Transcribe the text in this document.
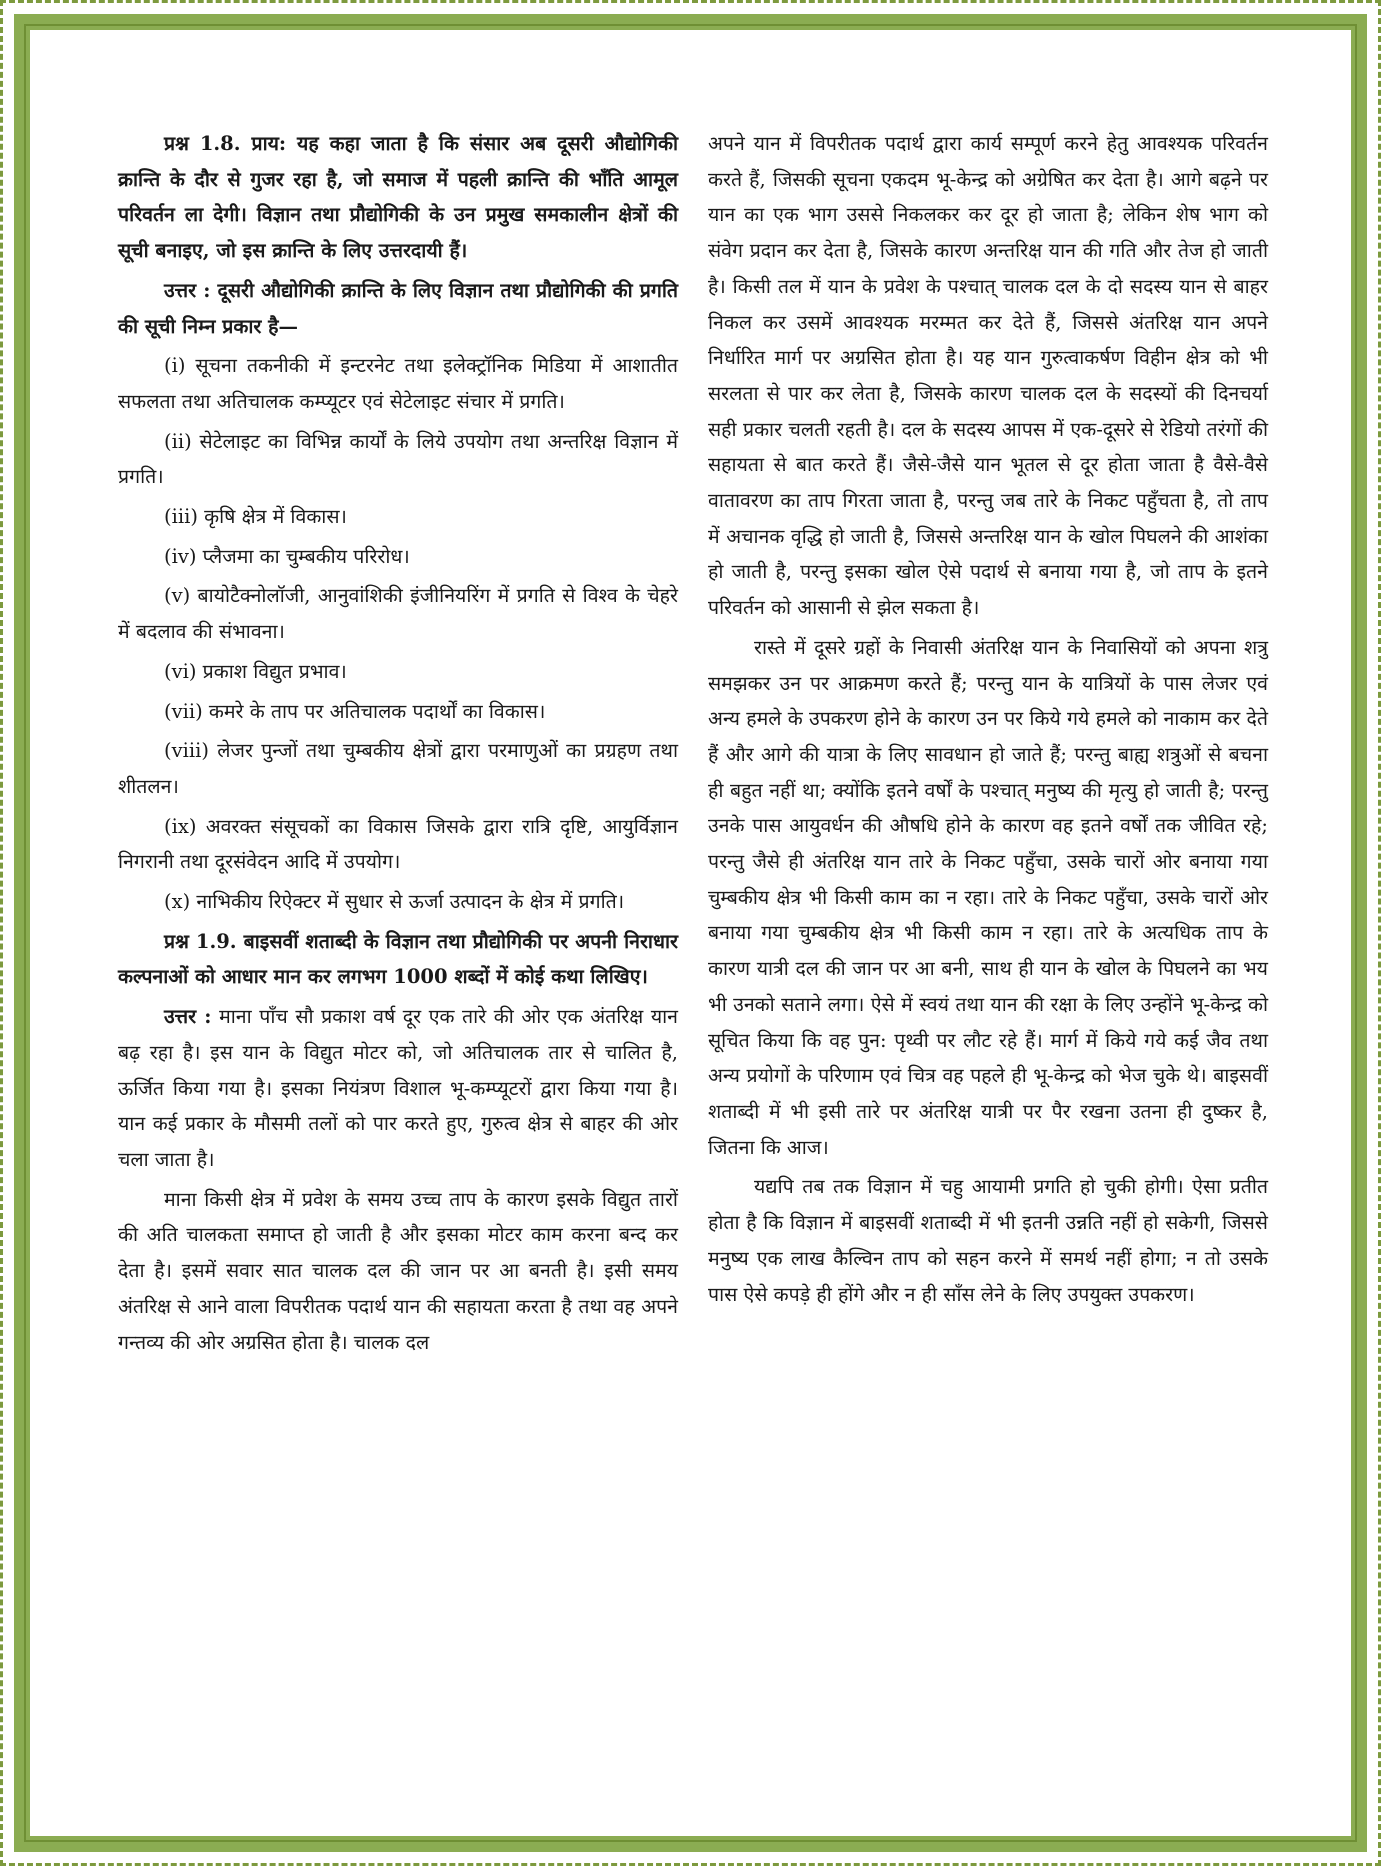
प्रश्न 1.8. प्राय: यह कहा जाता है कि संसार अब दूसरी औद्योगिकी क्रान्ति के दौर से गुजर रहा है, जो समाज में पहली क्रान्ति की भाँति आमूल परिवर्तन ला देगी। विज्ञान तथा प्रौद्योगिकी के उन प्रमुख समकालीन क्षेत्रों की सूची बनाइए, जो इस क्रान्ति के लिए उत्तरदायी हैं।

उत्तर : दूसरी औद्योगिकी क्रान्ति के लिए विज्ञान तथा प्रौद्योगिकी की प्रगति की सूची निम्न प्रकार है—

(i) सूचना तकनीकी में इन्टरनेट तथा इलेक्ट्रॉनिक मिडिया में आशातीत सफलता तथा अतिचालक कम्प्यूटर एवं सेटेलाइट संचार में प्रगति।

(ii) सेटेलाइट का विभिन्न कार्यों के लिये उपयोग तथा अन्तरिक्ष विज्ञान में प्रगति।

(iii) कृषि क्षेत्र में विकास।

(iv) प्लैजमा का चुम्बकीय परिरोध।

(v) बायोटैक्नोलॉजी, आनुवांशिकी इंजीनियरिंग में प्रगति से विश्व के चेहरे में बदलाव की संभावना।

(vi) प्रकाश विद्युत प्रभाव।

(vii) कमरे के ताप पर अतिचालक पदार्थों का विकास।

(viii) लेजर पुन्जों तथा चुम्बकीय क्षेत्रों द्वारा परमाणुओं का प्रग्रहण तथा शीतलन।

(ix) अवरक्त संसूचकों का विकास जिसके द्वारा रात्रि दृष्टि, आयुर्विज्ञान निगरानी तथा दूरसंवेदन आदि में उपयोग।

(x) नाभिकीय रिऐक्टर में सुधार से ऊर्जा उत्पादन के क्षेत्र में प्रगति।

प्रश्न 1.9. बाइसवीं शताब्दी के विज्ञान तथा प्रौद्योगिकी पर अपनी निराधार कल्पनाओं को आधार मान कर लगभग 1000 शब्दों में कोई कथा लिखिए।

उत्तर : माना पाँच सौ प्रकाश वर्ष दूर एक तारे की ओर एक अंतरिक्ष यान बढ़ रहा है। इस यान के विद्युत मोटर को, जो अतिचालक तार से चालित है, ऊर्जित किया गया है। इसका नियंत्रण विशाल भू-कम्प्यूटरों द्वारा किया गया है। यान कई प्रकार के मौसमी तलों को पार करते हुए, गुरुत्व क्षेत्र से बाहर की ओर चला जाता है।

माना किसी क्षेत्र में प्रवेश के समय उच्च ताप के कारण इसके विद्युत तारों की अति चालकता समाप्त हो जाती है और इसका मोटर काम करना बन्द कर देता है। इसमें सवार सात चालक दल की जान पर आ बनती है। इसी समय अंतरिक्ष से आने वाला विपरीतक पदार्थ यान की सहायता करता है तथा वह अपने गन्तव्य की ओर अग्रसित होता है। चालक दल

अपने यान में विपरीतक पदार्थ द्वारा कार्य सम्पूर्ण करने हेतु आवश्यक परिवर्तन करते हैं, जिसकी सूचना एकदम भू-केन्द्र को अग्रेषित कर देता है। आगे बढ़ने पर यान का एक भाग उससे निकलकर कर दूर हो जाता है; लेकिन शेष भाग को संवेग प्रदान कर देता है, जिसके कारण अन्तरिक्ष यान की गति और तेज हो जाती है। किसी तल में यान के प्रवेश के पश्चात् चालक दल के दो सदस्य यान से बाहर निकल कर उसमें आवश्यक मरम्मत कर देते हैं, जिससे अंतरिक्ष यान अपने निर्धारित मार्ग पर अग्रसित होता है। यह यान गुरुत्वाकर्षण विहीन क्षेत्र को भी सरलता से पार कर लेता है, जिसके कारण चालक दल के सदस्यों की दिनचर्या सही प्रकार चलती रहती है। दल के सदस्य आपस में एक-दूसरे से रेडियो तरंगों की सहायता से बात करते हैं। जैसे-जैसे यान भूतल से दूर होता जाता है वैसे-वैसे वातावरण का ताप गिरता जाता है, परन्तु जब तारे के निकट पहुँचता है, तो ताप में अचानक वृद्धि हो जाती है, जिससे अन्तरिक्ष यान के खोल पिघलने की आशंका हो जाती है, परन्तु इसका खोल ऐसे पदार्थ से बनाया गया है, जो ताप के इतने परिवर्तन को आसानी से झेल सकता है।

रास्ते में दूसरे ग्रहों के निवासी अंतरिक्ष यान के निवासियों को अपना शत्रु समझकर उन पर आक्रमण करते हैं; परन्तु यान के यात्रियों के पास लेजर एवं अन्य हमले के उपकरण होने के कारण उन पर किये गये हमले को नाकाम कर देते हैं और आगे की यात्रा के लिए सावधान हो जाते हैं; परन्तु बाह्य शत्रुओं से बचना ही बहुत नहीं था; क्योंकि इतने वर्षों के पश्चात् मनुष्य की मृत्यु हो जाती है; परन्तु उनके पास आयुवर्धन की औषधि होने के कारण वह इतने वर्षों तक जीवित रहे; परन्तु जैसे ही अंतरिक्ष यान तारे के निकट पहुँचा, उसके चारों ओर बनाया गया चुम्बकीय क्षेत्र भी किसी काम का न रहा। तारे के निकट पहुँचा, उसके चारों ओर बनाया गया चुम्बकीय क्षेत्र भी किसी काम न रहा। तारे के अत्यधिक ताप के कारण यात्री दल की जान पर आ बनी, साथ ही यान के खोल के पिघलने का भय भी उनको सताने लगा। ऐसे में स्वयं तथा यान की रक्षा के लिए उन्होंने भू-केन्द्र को सूचित किया कि वह पुन: पृथ्वी पर लौट रहे हैं। मार्ग में किये गये कई जैव तथा अन्य प्रयोगों के परिणाम एवं चित्र वह पहले ही भू-केन्द्र को भेज चुके थे। बाइसवीं शताब्दी में भी इसी तारे पर अंतरिक्ष यात्री पर पैर रखना उतना ही दुष्कर है, जितना कि आज।

यद्यपि तब तक विज्ञान में चहु आयामी प्रगति हो चुकी होगी। ऐसा प्रतीत होता है कि विज्ञान में बाइसवीं शताब्दी में भी इतनी उन्नति नहीं हो सकेगी, जिससे मनुष्य एक लाख कैल्विन ताप को सहन करने में समर्थ नहीं होगा; न तो उसके पास ऐसे कपड़े ही होंगे और न ही साँस लेने के लिए उपयुक्त उपकरण।
